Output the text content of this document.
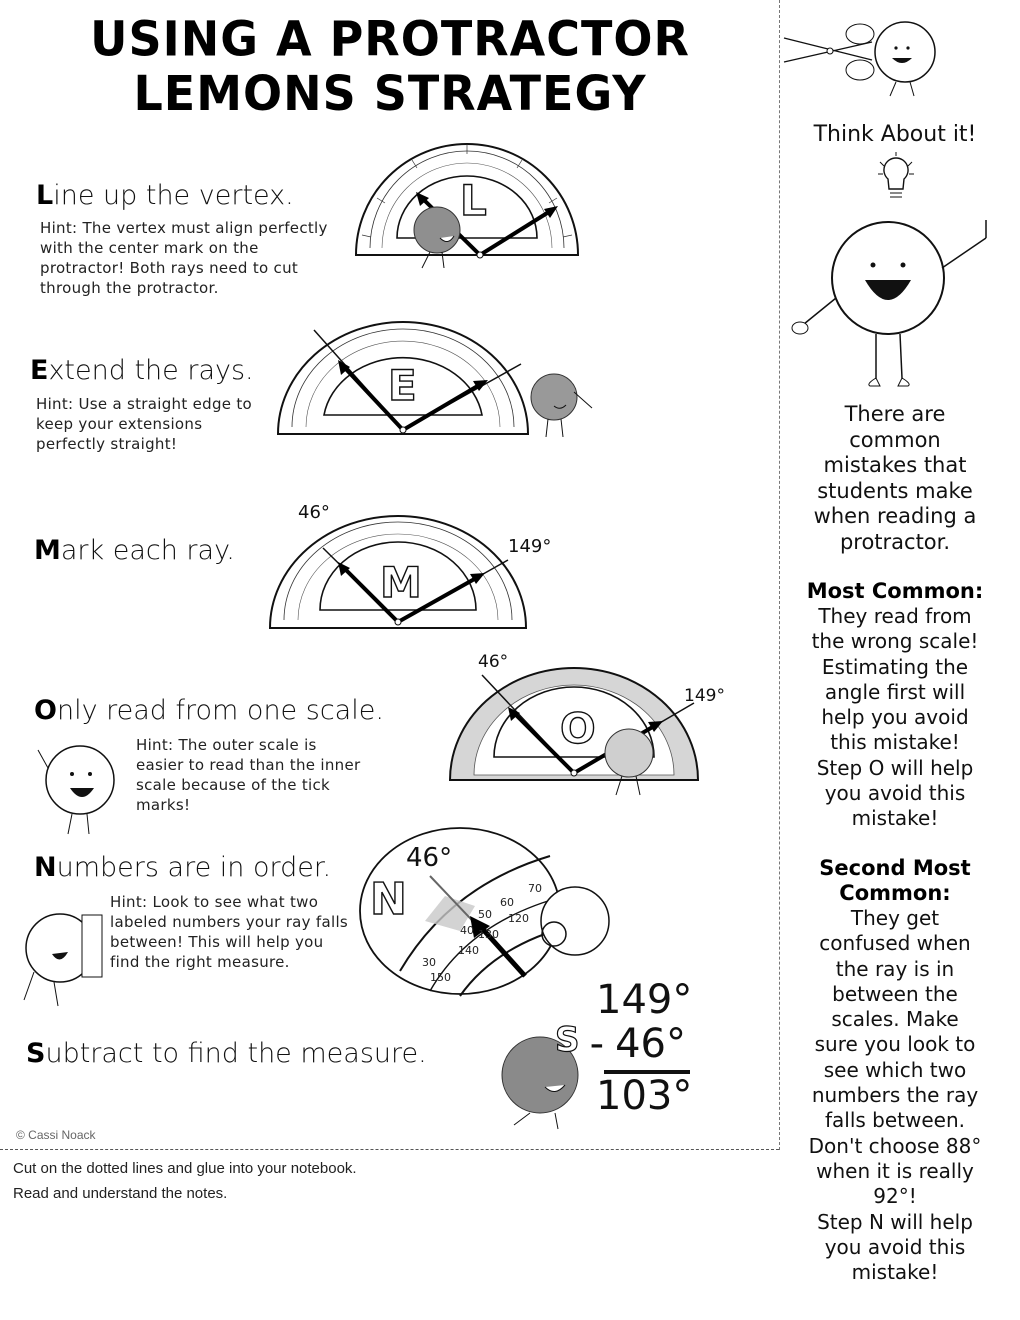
USING A PROTRACTOR
LEMONS STRATEGY
Line up the vertex.
Hint: The vertex must align perfectly with the center mark on the protractor! Both rays need to cut through the protractor.
Extend the rays.
Hint: Use a straight edge to keep your extensions perfectly straight!
Mark each ray.
Only read from one scale.
Hint: The outer scale is easier to read than the inner scale because of the tick marks!
Numbers are in order.
Hint: Look to see what two labeled numbers your ray falls between! This will help you find the right measure.
Subtract to find the measure.
L
E
M
46°
149°
O
46°
149°
N
46°
30
40
50
60
70
150
140
130
120
S
149°
- 46°
103°
© Cassi Noack
Cut on the dotted lines and glue into your notebook.
Read and understand the notes.
Think About it!
There are
common
mistakes that
students make
when reading a
protractor.
Most Common:
They read from
the wrong scale!
Estimating the
angle first will
help you avoid
this mistake!
Step O will help
you avoid this
mistake!
Second Most
Common:
They get
confused when
the ray is in
between the
scales. Make
sure you look to
see which two
numbers the ray
falls between.
Don't choose 88°
when it is really
92°!
Step N will help
you avoid this
mistake!
